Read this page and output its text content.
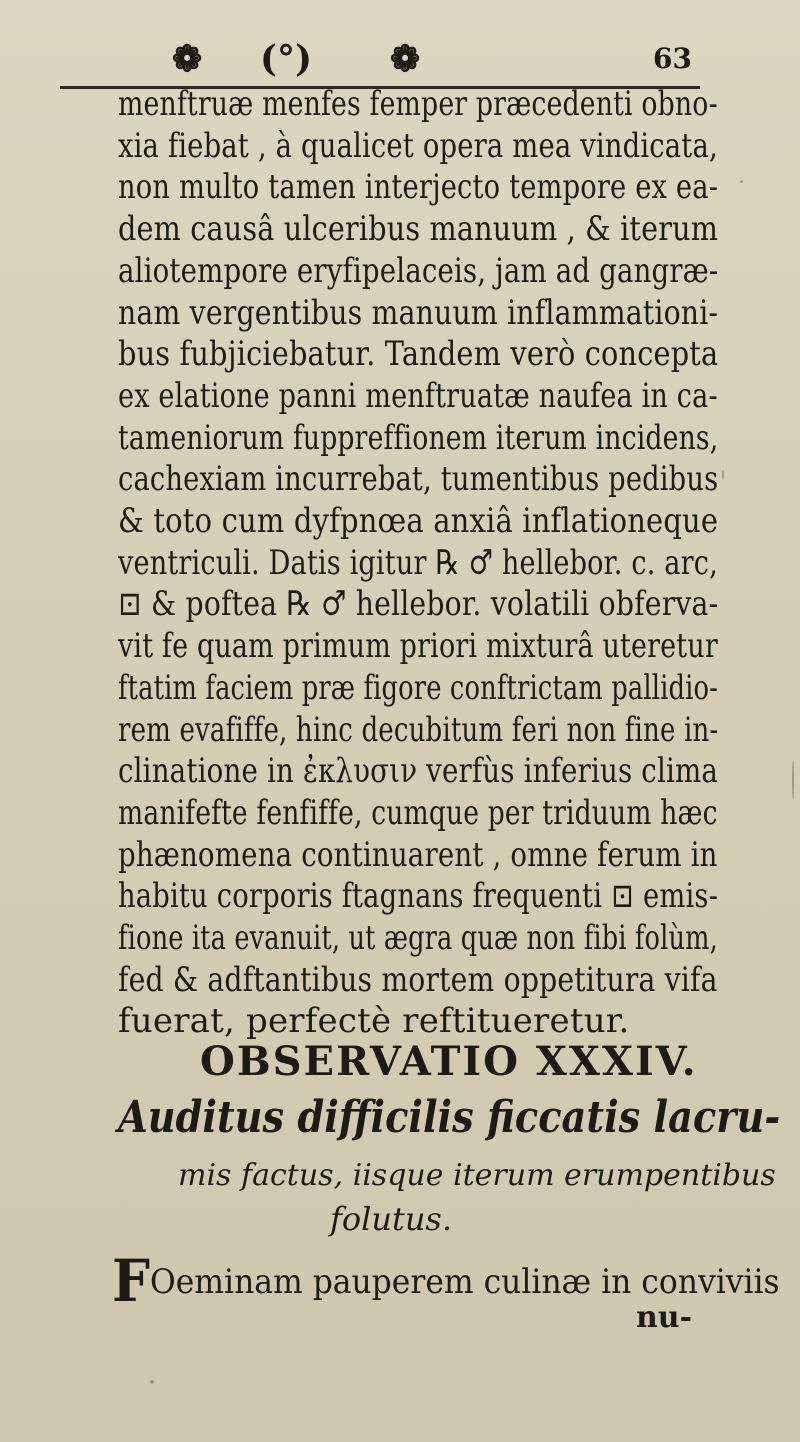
❁ (°) ❁	63
menftruæ menfes femper præcedenti obno-
xia fiebat , à qualicet opera mea vindicata,
non multo tamen interjecto tempore ex ea-
dem causâ ulceribus manuum , & iterum
aliotempore eryfipelaceis, jam ad gangræ-
nam vergentibus manuum inflammationi-
bus fubjiciebatur. Tandem verò concepta
ex elatione panni menftruatæ naufea in ca-
tameniorum fuppreffionem iterum incidens,
cachexiam incurrebat, tumentibus pedibus
& toto cum dyfpnœa anxiâ inflationeque
ventriculi. Datis igitur ℞ ♂ hellebor. c. arc,
⊡ & poftea ℞ ♂ hellebor. volatili obferva-
vit fe quam primum priori mixturâ uteretur
ftatim faciem præ figore conftrictam pallidio-
rem evafiffe, hinc decubitum feri non fine in-
clinatione in ἐκλυσιν verfùs inferius clima
manifefte fenfiffe, cumque per triduum hæc
phænomena continuarent , omne ferum in
habitu corporis ftagnans frequenti ⊡ emis-
fione ita evanuit, ut ægra quæ non fibi folùm,
fed & adftantibus mortem oppetitura vifa
fuerat, perfectè reftitueretur.
OBSERVATIO XXXIV.
Auditus difficilis ficcatis lacru-
mis factus, iisque iterum erumpentibus
folutus.
FOeminam pauperem culinæ in conviviis
nu-
